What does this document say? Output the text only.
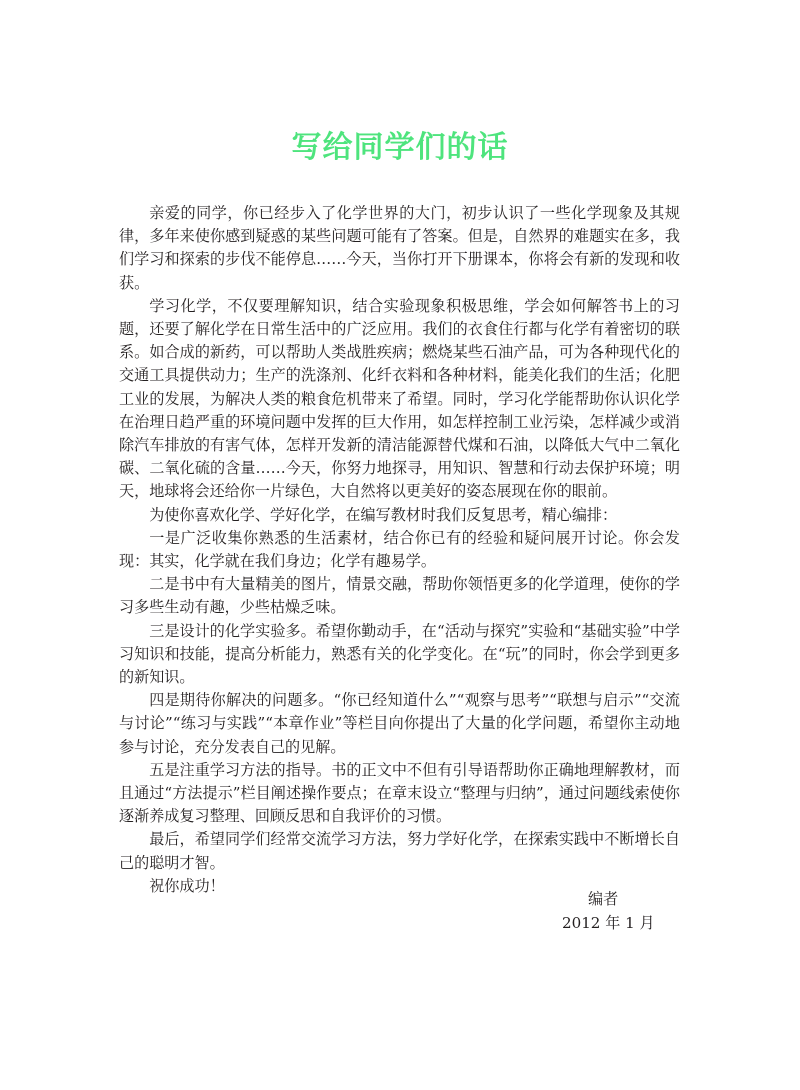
写给同学们的话

亲爱的同学，你已经步入了化学世界的大门，初步认识了一些化学现象及其规律，多年来使你感到疑惑的某些问题可能有了答案。但是，自然界的难题实在多，我们学习和探索的步伐不能停息……今天，当你打开下册课本，你将会有新的发现和收获。

学习化学，不仅要理解知识，结合实验现象积极思维，学会如何解答书上的习题，还要了解化学在日常生活中的广泛应用。我们的衣食住行都与化学有着密切的联系。如合成的新药，可以帮助人类战胜疾病；燃烧某些石油产品，可为各种现代化的交通工具提供动力；生产的洗涤剂、化纤衣料和各种材料，能美化我们的生活；化肥工业的发展，为解决人类的粮食危机带来了希望。同时，学习化学能帮助你认识化学在治理日趋严重的环境问题中发挥的巨大作用，如怎样控制工业污染，怎样减少或消除汽车排放的有害气体，怎样开发新的清洁能源替代煤和石油，以降低大气中二氧化碳、二氧化硫的含量……今天，你努力地探寻，用知识、智慧和行动去保护环境；明天，地球将会还给你一片绿色，大自然将以更美好的姿态展现在你的眼前。

为使你喜欢化学、学好化学，在编写教材时我们反复思考，精心编排：

一是广泛收集你熟悉的生活素材，结合你已有的经验和疑问展开讨论。你会发现：其实，化学就在我们身边；化学有趣易学。

二是书中有大量精美的图片，情景交融，帮助你领悟更多的化学道理，使你的学习多些生动有趣，少些枯燥乏味。

三是设计的化学实验多。希望你勤动手，在“活动与探究”实验和“基础实验”中学习知识和技能，提高分析能力，熟悉有关的化学变化。在“玩”的同时，你会学到更多的新知识。

四是期待你解决的问题多。“你已经知道什么”“观察与思考”“联想与启示”“交流与讨论”“练习与实践”“本章作业”等栏目向你提出了大量的化学问题，希望你主动地参与讨论，充分发表自己的见解。

五是注重学习方法的指导。书的正文中不但有引导语帮助你正确地理解教材，而且通过“方法提示”栏目阐述操作要点；在章末设立“整理与归纳”，通过问题线索使你逐渐养成复习整理、回顾反思和自我评价的习惯。

最后，希望同学们经常交流学习方法，努力学好化学，在探索实践中不断增长自己的聪明才智。

祝你成功！

编者
2012 年 1 月
